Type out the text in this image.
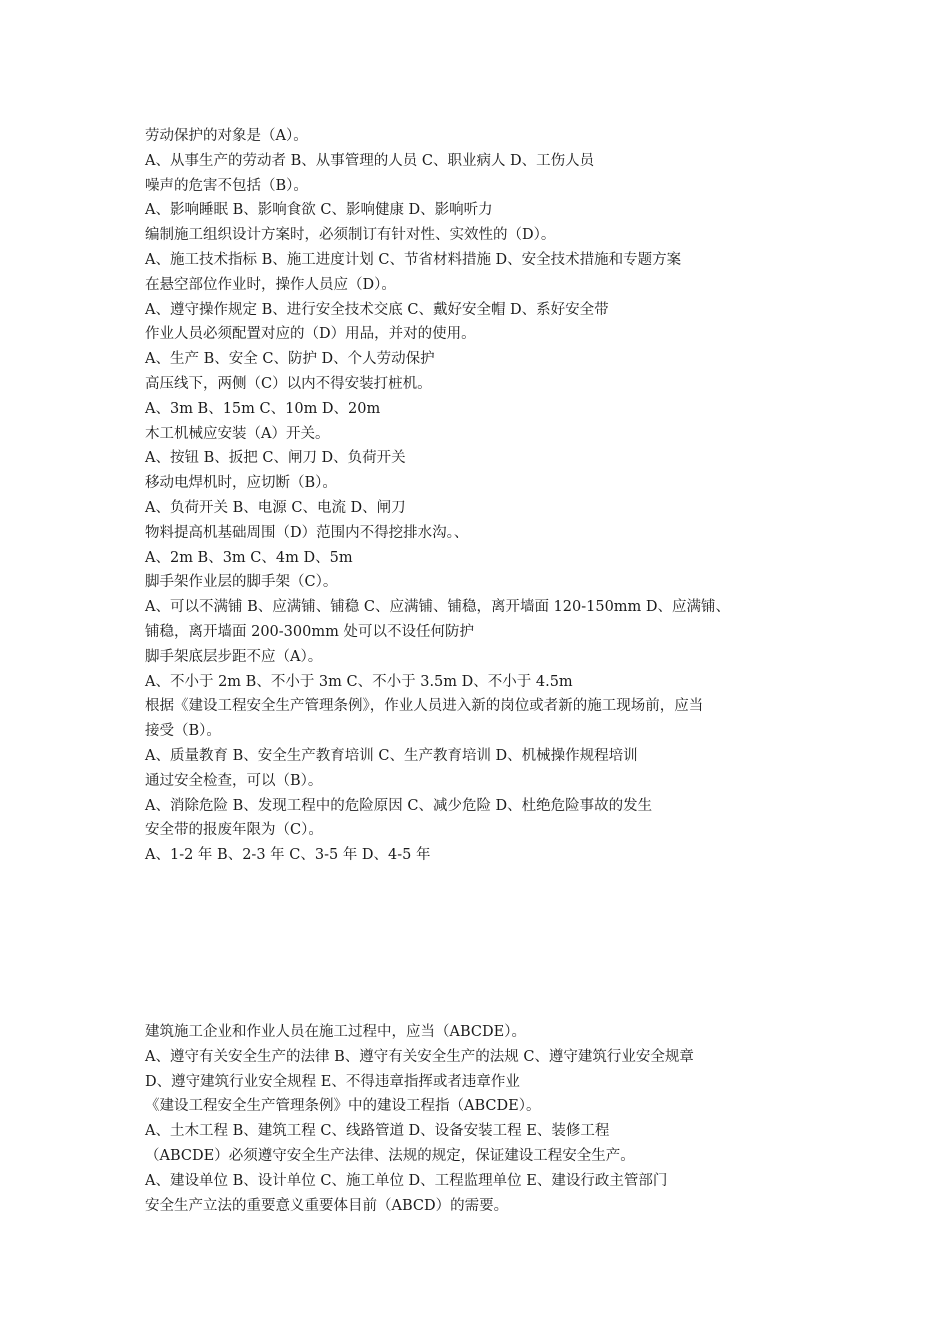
劳动保护的对象是（A）。
A、从事生产的劳动者 B、从事管理的人员 C、职业病人 D、工伤人员
噪声的危害不包括（B）。
A、影响睡眠 B、影响食欲 C、影响健康 D、影响听力
编制施工组织设计方案时，必须制订有针对性、实效性的（D）。
A、施工技术指标 B、施工进度计划 C、节省材料措施 D、安全技术措施和专题方案
在悬空部位作业时，操作人员应（D）。
A、遵守操作规定 B、进行安全技术交底 C、戴好安全帽 D、系好安全带
作业人员必须配置对应的（D）用品，并对的使用。
A、生产 B、安全 C、防护 D、个人劳动保护
高压线下，两侧（C）以内不得安装打桩机。
A、3m B、15m C、10m D、20m
木工机械应安装（A）开关。
A、按钮 B、扳把 C、闸刀 D、负荷开关
移动电焊机时，应切断（B）。
A、负荷开关 B、电源 C、电流 D、闸刀
物料提高机基础周围（D）范围内不得挖排水沟。、
A、2m B、3m C、4m D、5m
脚手架作业层的脚手架（C）。
A、可以不满铺 B、应满铺、铺稳 C、应满铺、铺稳，离开墙面 120-150mm D、应满铺、
铺稳，离开墙面 200-300mm 处可以不设任何防护
脚手架底层步距不应（A）。
A、不小于 2m B、不小于 3m C、不小于 3.5m D、不小于 4.5m
根据《建设工程安全生产管理条例》，作业人员进入新的岗位或者新的施工现场前，应当
接受（B）。
A、质量教育 B、安全生产教育培训 C、生产教育培训 D、机械操作规程培训
通过安全检查，可以（B）。
A、消除危险 B、发现工程中的危险原因 C、减少危险 D、杜绝危险事故的发生
安全带的报废年限为（C）。
A、1-2 年 B、2-3 年 C、3-5 年 D、4-5 年
建筑施工企业和作业人员在施工过程中，应当（ABCDE）。
A、遵守有关安全生产的法律 B、遵守有关安全生产的法规 C、遵守建筑行业安全规章
D、遵守建筑行业安全规程 E、不得违章指挥或者违章作业
《建设工程安全生产管理条例》中的建设工程指（ABCDE）。
A、土木工程 B、建筑工程 C、线路管道 D、设备安装工程 E、装修工程
（ABCDE）必须遵守安全生产法律、法规的规定，保证建设工程安全生产。
A、建设单位 B、设计单位 C、施工单位 D、工程监理单位 E、建设行政主管部门
安全生产立法的重要意义重要体目前（ABCD）的需要。
